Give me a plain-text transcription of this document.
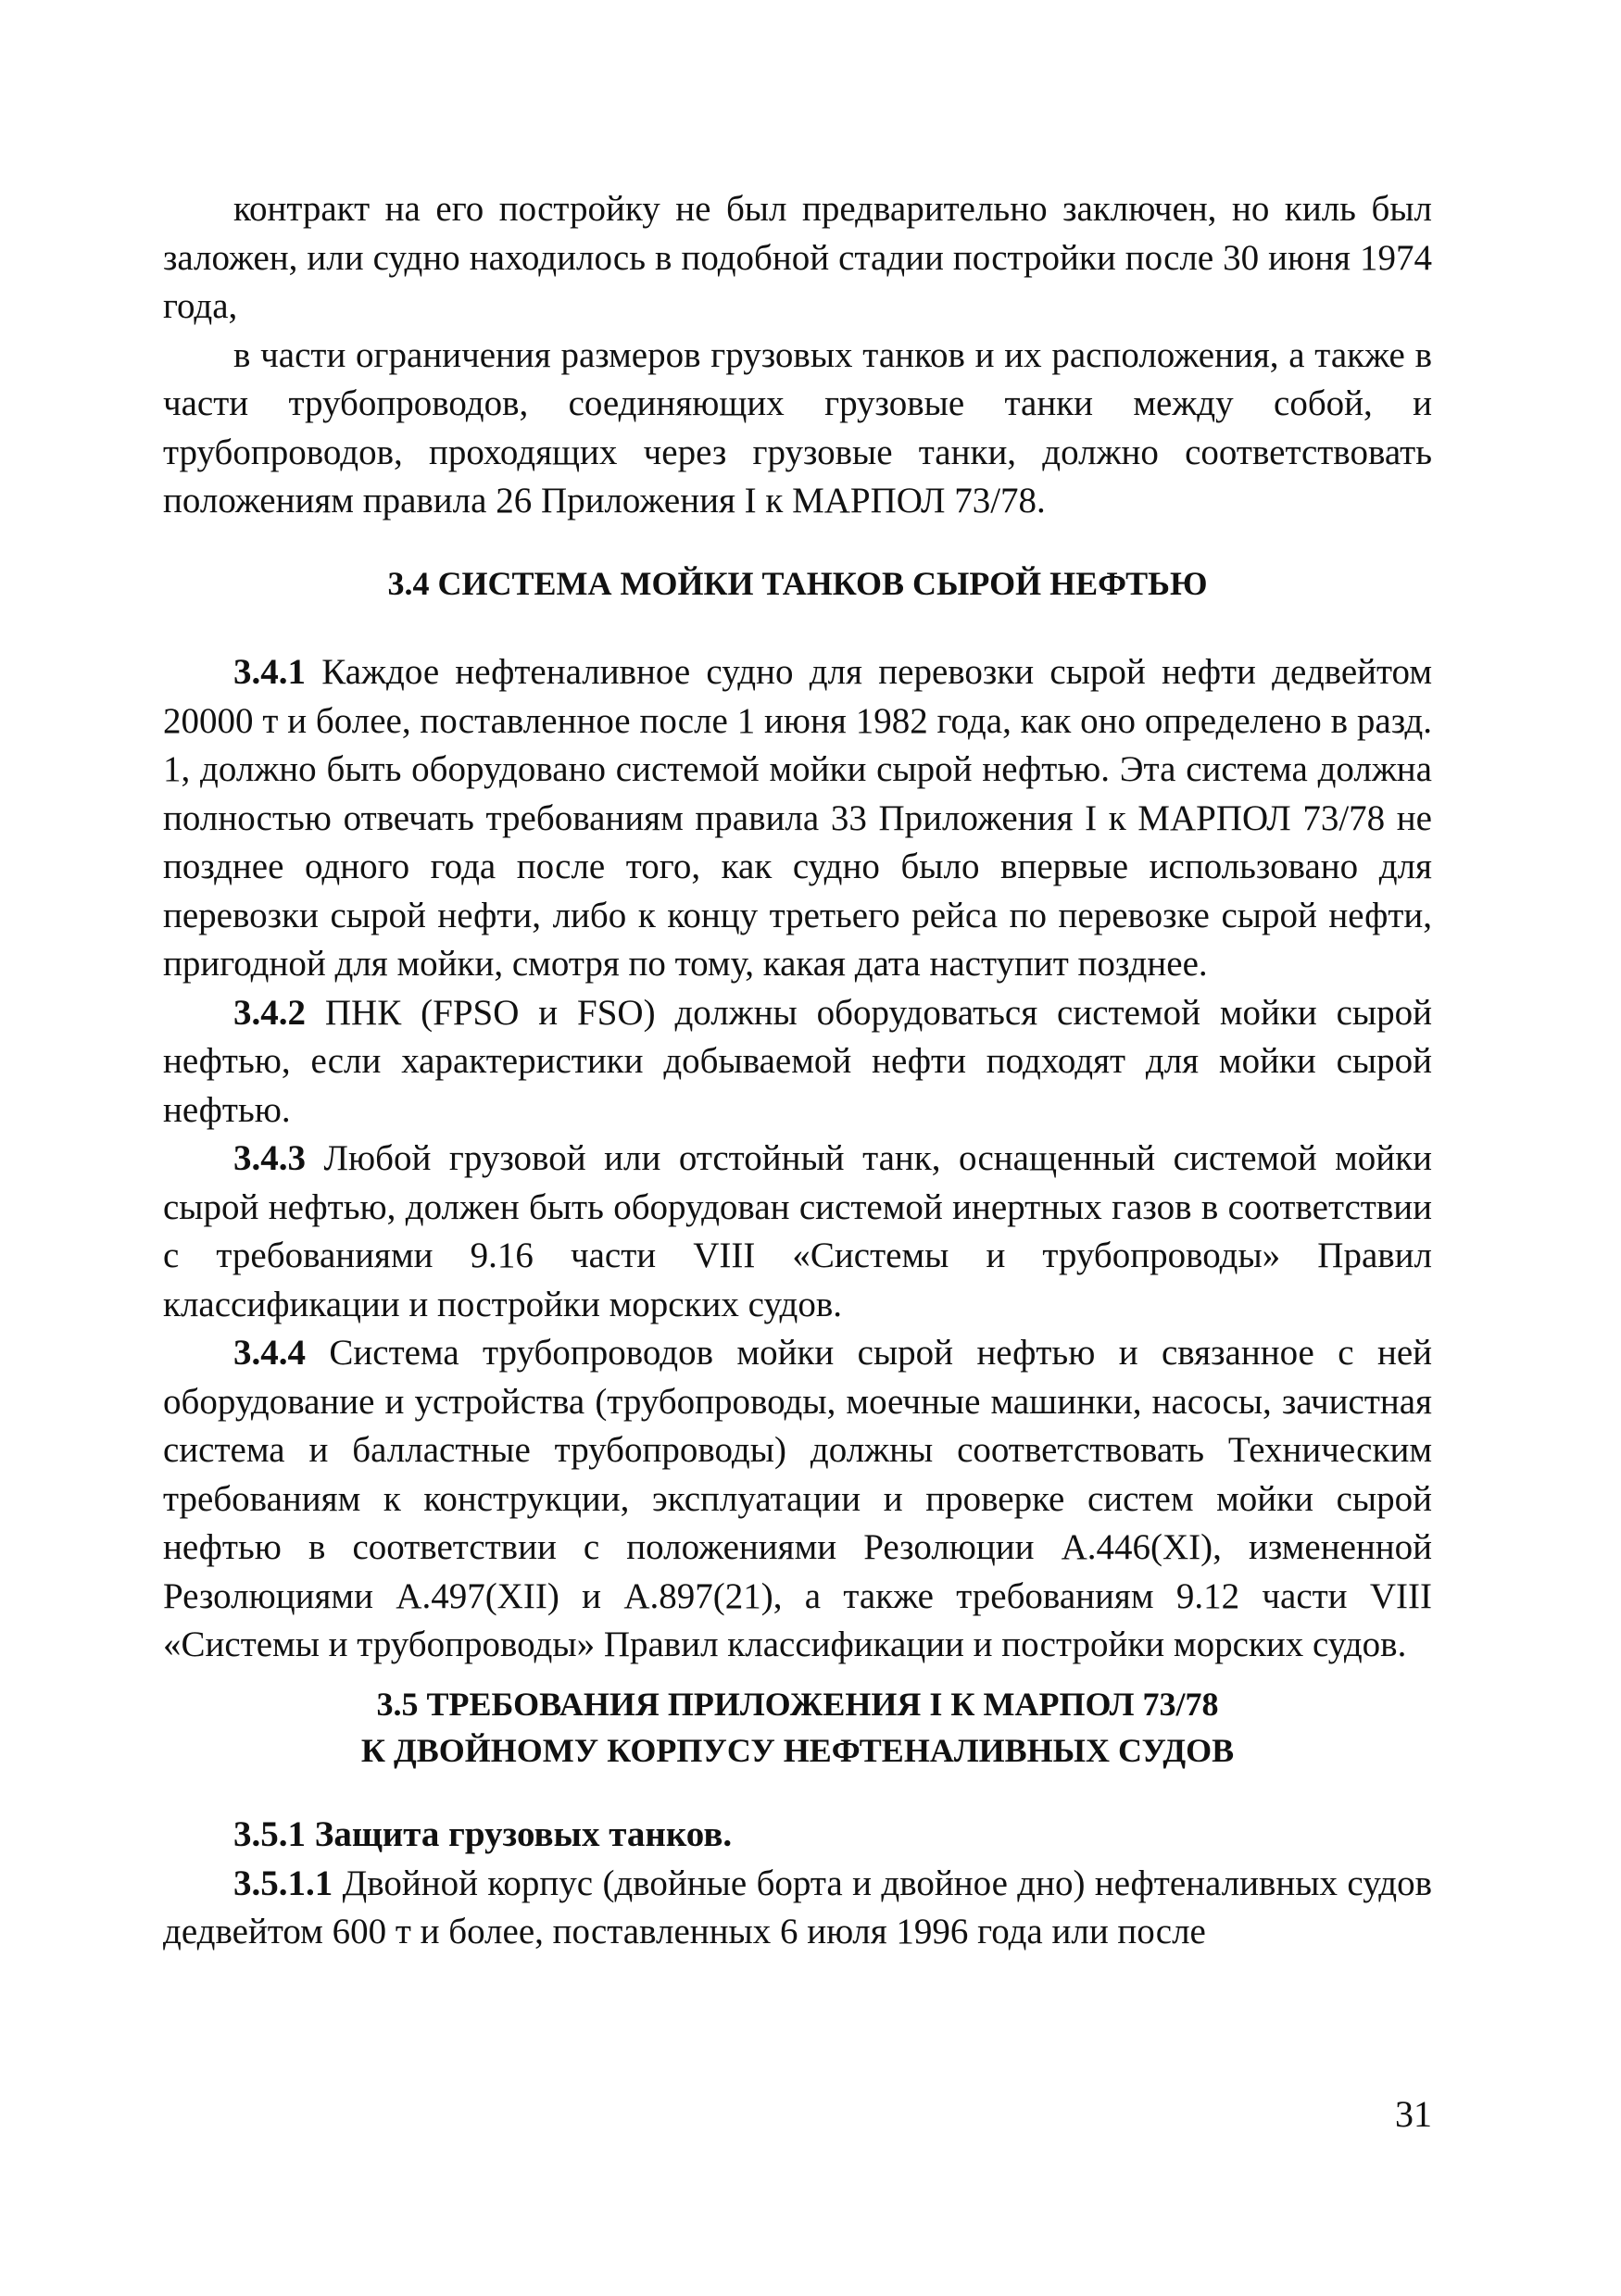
контракт на его постройку не был предварительно заключен, но киль был заложен, или судно находилось в подобной стадии постройки после 30 июня 1974 года,

в части ограничения размеров грузовых танков и их расположения, а также в части трубопроводов, соединяющих грузовые танки между собой, и трубопроводов, проходящих через грузовые танки, должно соответствовать положениям правила 26 Приложения I к МАРПОЛ 73/78.

3.4 СИСТЕМА МОЙКИ ТАНКОВ СЫРОЙ НЕФТЬЮ

3.4.1 Каждое нефтеналивное судно для перевозки сырой нефти дедвейтом 20000 т и более, поставленное после 1 июня 1982 года, как оно определено в разд. 1, должно быть оборудовано системой мойки сырой нефтью. Эта система должна полностью отвечать требованиям правила 33 Приложения I к МАРПОЛ 73/78 не позднее одного года после того, как судно было впервые использовано для перевозки сырой нефти, либо к концу третьего рейса по перевозке сырой нефти, пригодной для мойки, смотря по тому, какая дата наступит позднее.

3.4.2 ПНК (FPSO и FSO) должны оборудоваться системой мойки сырой нефтью, если характеристики добываемой нефти подходят для мойки сырой нефтью.

3.4.3 Любой грузовой или отстойный танк, оснащенный системой мойки сырой нефтью, должен быть оборудован системой инертных газов в соответствии с требованиями 9.16 части VIII «Системы и трубопроводы» Правил классификации и постройки морских судов.

3.4.4 Система трубопроводов мойки сырой нефтью и связанное с ней оборудование и устройства (трубопроводы, моечные машинки, насосы, зачистная система и балластные трубопроводы) должны соответствовать Техническим требованиям к конструкции, эксплуатации и проверке систем мойки сырой нефтью в соответствии с положениями Резолюции А.446(XI), измененной Резолюциями А.497(XII) и А.897(21), а также требованиям 9.12 части VIII «Системы и трубопроводы» Правил классификации и постройки морских судов.

3.5 ТРЕБОВАНИЯ ПРИЛОЖЕНИЯ I К МАРПОЛ 73/78
К ДВОЙНОМУ КОРПУСУ НЕФТЕНАЛИВНЫХ СУДОВ

3.5.1 Защита грузовых танков.

3.5.1.1 Двойной корпус (двойные борта и двойное дно) нефтеналивных судов дедвейтом 600 т и более, поставленных 6 июля 1996 года или после

31
